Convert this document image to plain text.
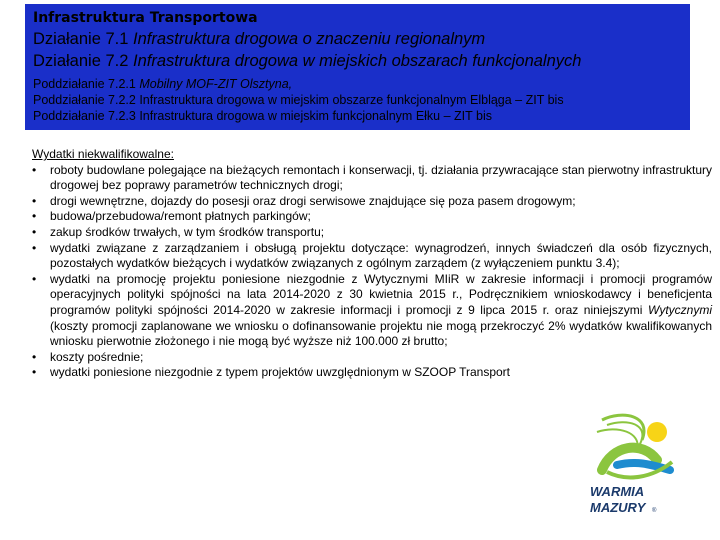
Infrastruktura Transportowa
Działanie 7.1 Infrastruktura drogowa o znaczeniu regionalnym
Działanie 7.2 Infrastruktura drogowa w miejskich obszarach funkcjonalnych
Poddziałanie 7.2.1 Mobilny MOF-ZIT Olsztyna,
Poddziałanie 7.2.2 Infrastruktura drogowa w miejskim obszarze funkcjonalnym Elbląga – ZIT bis
Poddziałanie 7.2.3 Infrastruktura drogowa w miejskim funkcjonalnym Ełku – ZIT bis
Wydatki niekwalifikowalne:
• roboty budowlane polegające na bieżących remontach i konserwacji, tj. działania przywracające stan pierwotny infrastruktury drogowej bez poprawy parametrów technicznych drogi;
• drogi wewnętrzne, dojazdy do posesji oraz drogi serwisowe znajdujące się poza pasem drogowym;
• budowa/przebudowa/remont płatnych parkingów;
• zakup środków trwałych, w tym środków transportu;
• wydatki związane z zarządzaniem i obsługą projektu dotyczące: wynagrodzeń, innych świadczeń dla osób fizycznych, pozostałych wydatków bieżących i wydatków związanych z ogólnym zarządem (z wyłączeniem punktu 3.4);
• wydatki na promocję projektu poniesione niezgodnie z Wytycznymi MIiR w zakresie informacji i promocji programów operacyjnych polityki spójności na lata 2014-2020 z 30 kwietnia 2015 r., Podręcznikiem wnioskodawcy i beneficjenta programów polityki spójności 2014-2020 w zakresie informacji i promocji z 9 lipca 2015 r. oraz niniejszymi Wytycznymi (koszty promocji zaplanowane we wniosku o dofinansowanie projektu nie mogą przekroczyć 2% wydatków kwalifikowanych wniosku pierwotnie złożonego i nie mogą być wyższe niż 100.000 zł brutto;
• koszty pośrednie;
• wydatki poniesione niezgodnie z typem projektów uwzględnionym w SZOOP Transport
WARMIA
MAZURY ®
